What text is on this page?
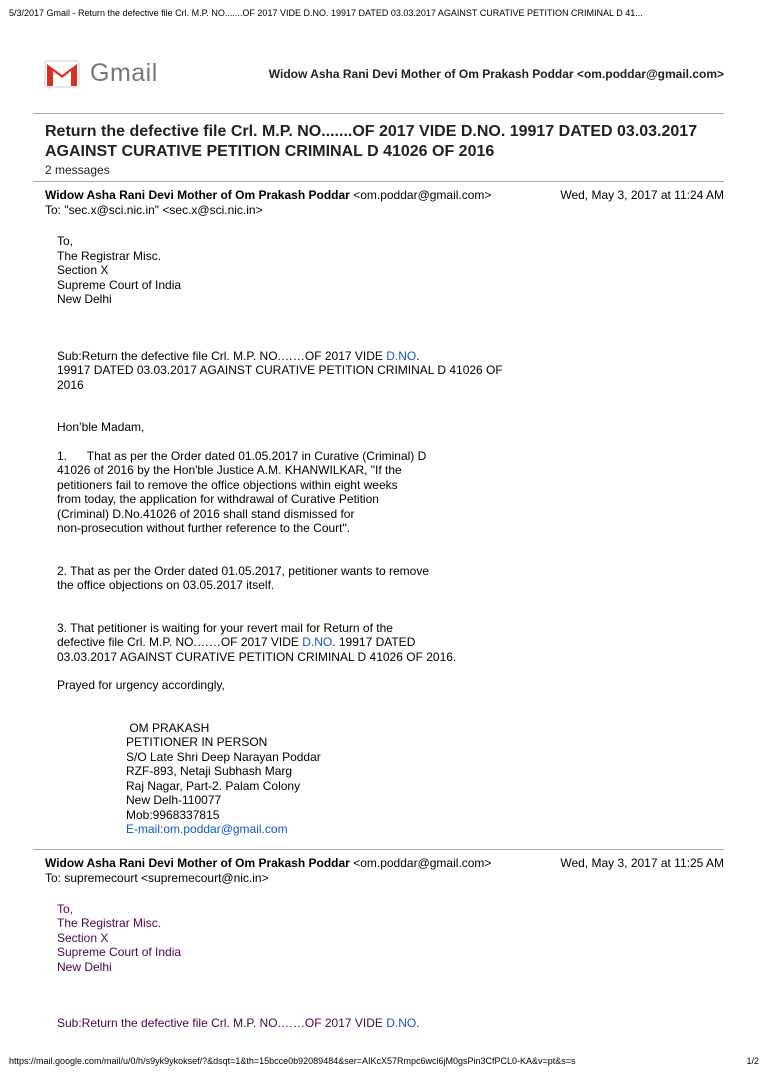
5/3/2017 Gmail - Return the defective file Crl. M.P. NO.......OF 2017 VIDE D.NO. 19917 DATED 03.03.2017 AGAINST CURATIVE PETITION CRIMINAL D 41...
Gmail	Widow Asha Rani Devi Mother of Om Prakash Poddar <om.poddar@gmail.com>
Return the defective file Crl. M.P. NO.......OF 2017 VIDE D.NO. 19917 DATED 03.03.2017 AGAINST CURATIVE PETITION CRIMINAL D 41026 OF 2016
2 messages
Widow Asha Rani Devi Mother of Om Prakash Poddar <om.poddar@gmail.com>	Wed, May 3, 2017 at 11:24 AM
To: "sec.x@sci.nic.in" <sec.x@sci.nic.in>
To,
The Registrar Misc.
Section X
Supreme Court of India
New Delhi
Sub:Return the defective file Crl. M.P. NO.……OF 2017 VIDE D.NO.
19917 DATED 03.03.2017 AGAINST CURATIVE PETITION CRIMINAL D 41026 OF
2016
Hon’ble Madam,
1.      That as per the Order dated 01.05.2017 in Curative (Criminal) D
41026 of 2016 by the Hon'ble Justice A.M. KHANWILKAR, "If the
petitioners fail to remove the office objections within eight weeks
from today, the application for withdrawal of Curative Petition
(Criminal) D.No.41026 of 2016 shall stand dismissed for
non-prosecution without further reference to the Court".
2. That as per the Order dated 01.05.2017, petitioner wants to remove
the office objections on 03.05.2017 itself.
3. That petitioner is waiting for your revert mail for Return of the
defective file Crl. M.P. NO.……OF 2017 VIDE D.NO. 19917 DATED
03.03.2017 AGAINST CURATIVE PETITION CRIMINAL D 41026 OF 2016.
Prayed for urgency accordingly,
OM PRAKASH
PETITIONER IN PERSON
S/O Late Shri Deep Narayan Poddar
RZF-893, Netaji Subhash Marg
Raj Nagar, Part-2. Palam Colony
New Delh-110077
Mob:9968337815
E-mail:om.poddar@gmail.com
Widow Asha Rani Devi Mother of Om Prakash Poddar <om.poddar@gmail.com>	Wed, May 3, 2017 at 11:25 AM
To: supremecourt <supremecourt@nic.in>
To,
The Registrar Misc.
Section X
Supreme Court of India
New Delhi
Sub:Return the defective file Crl. M.P. NO.……OF 2017 VIDE D.NO.
https://mail.google.com/mail/u/0/h/s9yk9ykoksef/?&dsqt=1&th=15bcce0b92089484&ser=AIKcX57Rmpc6wcl6jM0gsPin3CfPCL0-KA&v=pt&s=s	1/2
